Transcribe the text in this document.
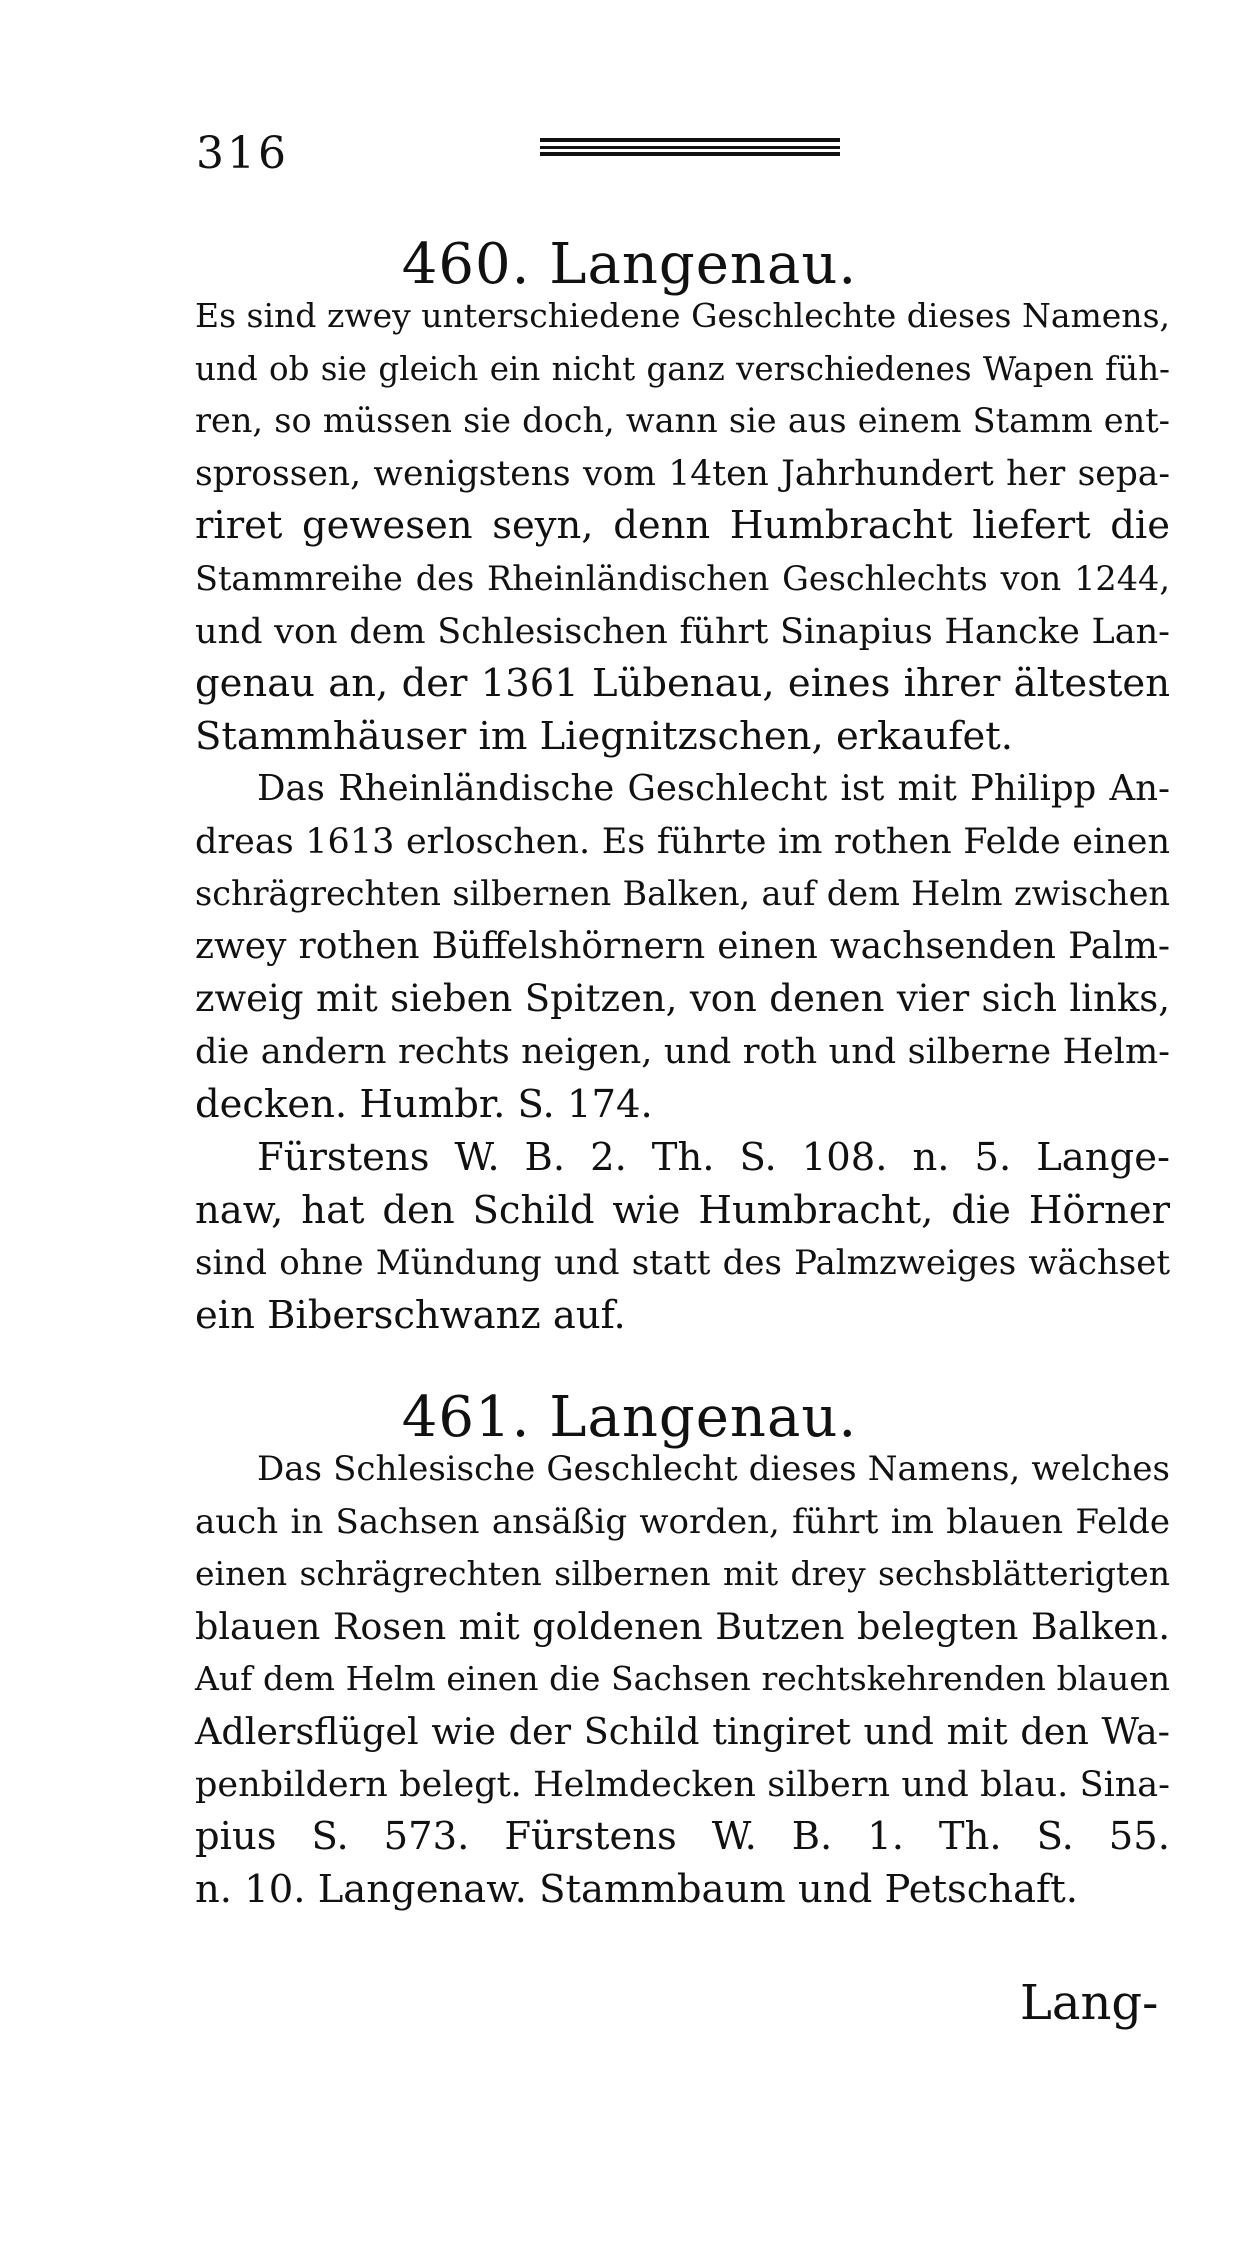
316
460. Langenau.
Es sind zwey unterschiedene Geschlechte dieses Namens,
und ob sie gleich ein nicht ganz verschiedenes Wapen füh-
ren, so müssen sie doch, wann sie aus einem Stamm ent-
sprossen, wenigstens vom 14ten Jahrhundert her sepa-
riret gewesen seyn, denn Humbracht liefert die
Stammreihe des Rheinländischen Geschlechts von 1244,
und von dem Schlesischen führt Sinapius Hancke Lan-
genau an, der 1361 Lübenau, eines ihrer ältesten
Stammhäuser im Liegnitzschen, erkaufet.
Das Rheinländische Geschlecht ist mit Philipp An-
dreas 1613 erloschen. Es führte im rothen Felde einen
schrägrechten silbernen Balken, auf dem Helm zwischen
zwey rothen Büffelshörnern einen wachsenden Palm-
zweig mit sieben Spitzen, von denen vier sich links,
die andern rechts neigen, und roth und silberne Helm-
decken. Humbr. S. 174.
Fürstens W. B. 2. Th. S. 108. n. 5. Lange-
naw, hat den Schild wie Humbracht, die Hörner
sind ohne Mündung und statt des Palmzweiges wächset
ein Biberschwanz auf.
461. Langenau.
Das Schlesische Geschlecht dieses Namens, welches
auch in Sachsen ansäßig worden, führt im blauen Felde
einen schrägrechten silbernen mit drey sechsblätterigten
blauen Rosen mit goldenen Butzen belegten Balken.
Auf dem Helm einen die Sachsen rechtskehrenden blauen
Adlersflügel wie der Schild tingiret und mit den Wa-
penbildern belegt. Helmdecken silbern und blau. Sina-
pius S. 573. Fürstens W. B. 1. Th. S. 55.
n. 10. Langenaw. Stammbaum und Petschaft.
Lang-
